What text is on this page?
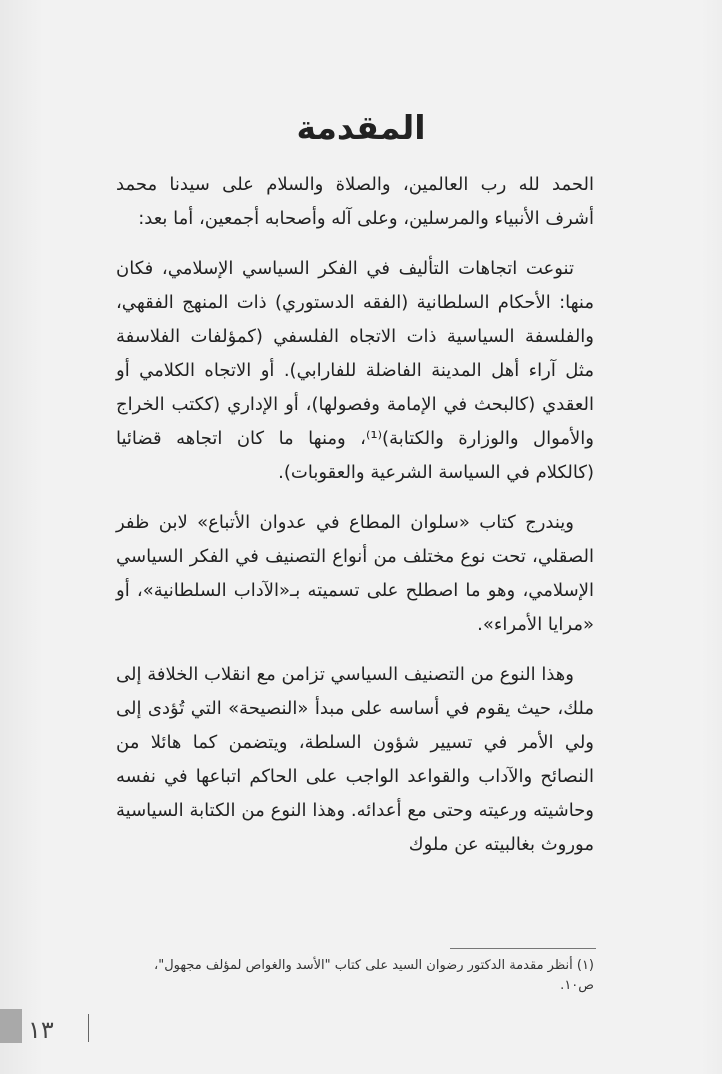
المقدمة

الحمد لله رب العالمين، والصلاة والسلام على سيدنا محمد أشرف الأنبياء والمرسلين، وعلى آله وأصحابه أجمعين، أما بعد:

تنوعت اتجاهات التأليف في الفكر السياسي الإسلامي، فكان منها: الأحكام السلطانية (الفقه الدستوري) ذات المنهج الفقهي، والفلسفة السياسية ذات الاتجاه الفلسفي (كمؤلفات الفلاسفة مثل آراء أهل المدينة الفاضلة للفارابي). أو الاتجاه الكلامي أو العقدي (كالبحث في الإمامة وفصولها)، أو الإداري (ككتب الخراج والأموال والوزارة والكتابة)⁽¹⁾، ومنها ما كان اتجاهه قضائيا (كالكلام في السياسة الشرعية والعقوبات).

ويندرج كتاب «سلوان المطاع في عدوان الأتباع» لابن ظفر الصقلي، تحت نوع مختلف من أنواع التصنيف في الفكر السياسي الإسلامي، وهو ما اصطلح على تسميته بـ«الآداب السلطانية»، أو «مرايا الأمراء».

وهذا النوع من التصنيف السياسي تزامن مع انقلاب الخلافة إلى ملك، حيث يقوم في أساسه على مبدأ «النصيحة» التي تُؤدى إلى ولي الأمر في تسيير شؤون السلطة، ويتضمن كما هائلا من النصائح والآداب والقواعد الواجب على الحاكم اتباعها في نفسه وحاشيته ورعيته وحتى مع أعدائه. وهذا النوع من الكتابة السياسية موروث بغالبيته عن ملوك

(١) أنظر مقدمة الدكتور رضوان السيد على كتاب "الأسد والغواص لمؤلف مجهول"، ص١٠.
١٣
